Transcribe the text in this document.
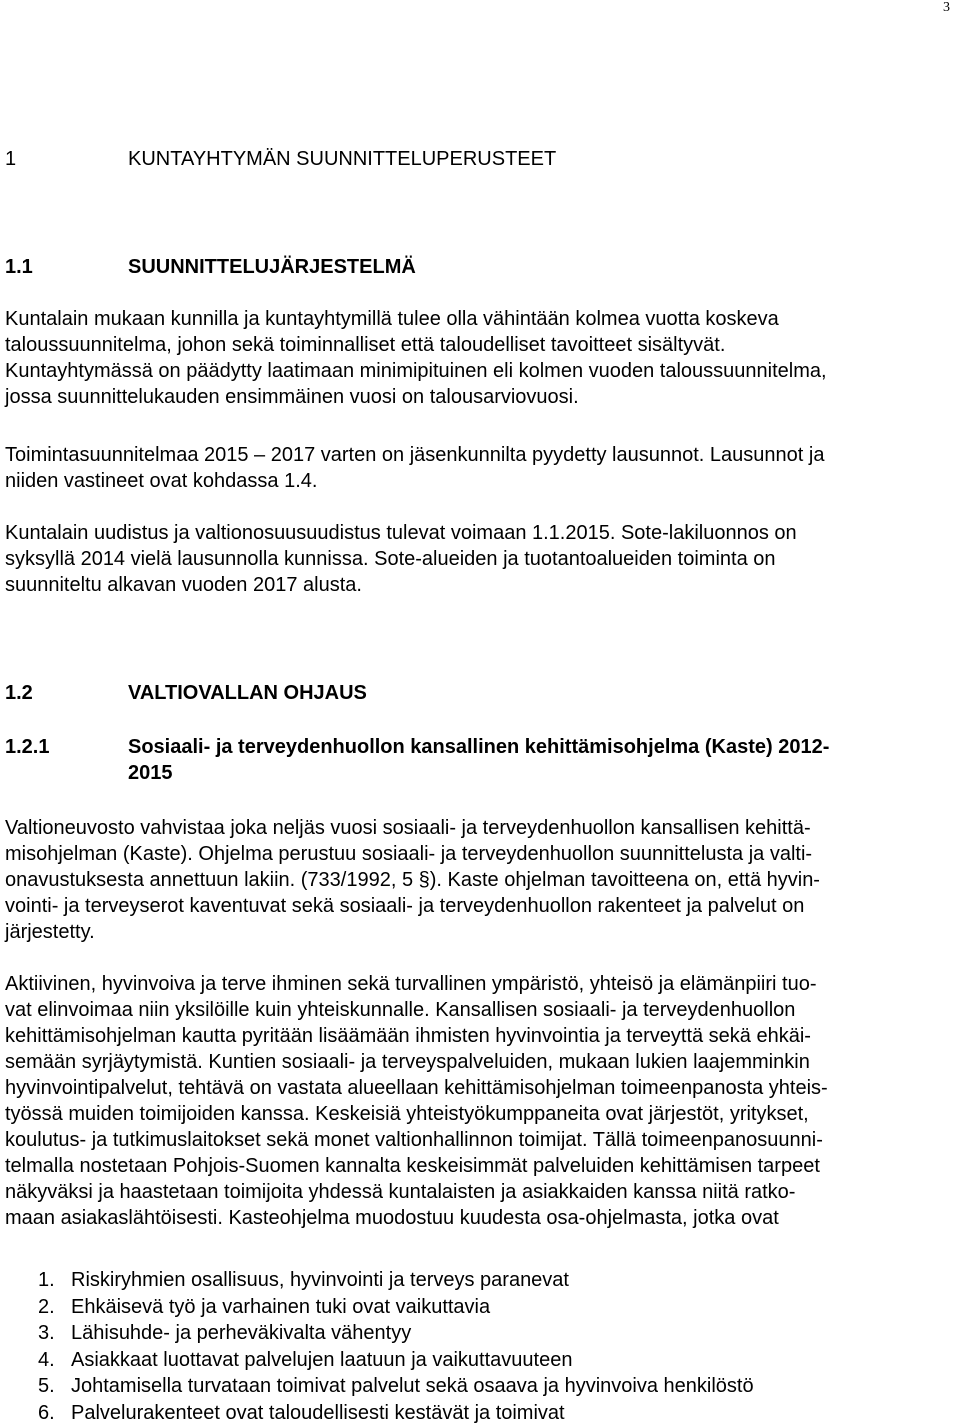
3
1	KUNTAYHTYMÄN SUUNNITTELUPERUSTEET
1.1	SUUNNITTELUJÄRJESTELMÄ
Kuntalain mukaan kunnilla ja kuntayhtymillä tulee olla vähintään kolmea vuotta koskeva
taloussuunnitelma, johon sekä toiminnalliset että taloudelliset tavoitteet sisältyvät.
Kuntayhtymässä on päädytty laatimaan minimipituinen eli kolmen vuoden taloussuunnitelma,
jossa suunnittelukauden ensimmäinen vuosi on talousarviovuosi.
Toimintasuunnitelmaa 2015 – 2017 varten on jäsenkunnilta pyydetty lausunnot. Lausunnot ja
niiden vastineet ovat kohdassa 1.4.
Kuntalain uudistus ja valtionosuusuudistus tulevat voimaan 1.1.2015. Sote-lakiluonnos on
syksyllä 2014 vielä lausunnolla kunnissa. Sote-alueiden ja tuotantoalueiden toiminta on
suunniteltu alkavan vuoden 2017 alusta.
1.2	VALTIOVALLAN OHJAUS
1.2.1	Sosiaali- ja terveydenhuollon kansallinen kehittämisohjelma (Kaste) 2012-
2015
Valtioneuvosto vahvistaa joka neljäs vuosi sosiaali- ja terveydenhuollon kansallisen kehittä-
misohjelman (Kaste). Ohjelma perustuu sosiaali- ja terveydenhuollon suunnittelusta ja valti-
onavustuksesta annettuun lakiin. (733/1992, 5 §). Kaste ohjelman tavoitteena on, että hyvin-
vointi- ja terveyserot kaventuvat sekä sosiaali- ja terveydenhuollon rakenteet ja palvelut on
järjestetty.
Aktiivinen, hyvinvoiva ja terve ihminen sekä turvallinen ympäristö, yhteisö ja elämänpiiri tuo-
vat elinvoimaa niin yksilöille kuin yhteiskunnalle. Kansallisen sosiaali- ja terveydenhuollon
kehittämisohjelman kautta pyritään lisäämään ihmisten hyvinvointia ja terveyttä sekä ehkäi-
semään syrjäytymistä. Kuntien sosiaali- ja terveyspalveluiden, mukaan lukien laajemminkin
hyvinvointipalvelut, tehtävä on vastata alueellaan kehittämisohjelman toimeenpanosta yhteis-
työssä muiden toimijoiden kanssa. Keskeisiä yhteistyökumppaneita ovat järjestöt, yritykset,
koulutus- ja tutkimuslaitokset sekä monet valtionhallinnon toimijat. Tällä toimeenpanosuunni-
telmalla nostetaan Pohjois-Suomen kannalta keskeisimmät palveluiden kehittämisen tarpeet
näkyväksi ja haastetaan toimijoita yhdessä kuntalaisten ja asiakkaiden kanssa niitä ratko-
maan asiakaslähtöisesti. Kasteohjelma muodostuu kuudesta osa-ohjelmasta, jotka ovat
1. Riskiryhmien osallisuus, hyvinvointi ja terveys paranevat
2. Ehkäisevä työ ja varhainen tuki ovat vaikuttavia
3. Lähisuhde- ja perheväkivalta vähentyy
4. Asiakkaat luottavat palvelujen laatuun ja vaikuttavuuteen
5. Johtamisella turvataan toimivat palvelut sekä osaava ja hyvinvoiva henkilöstö
6. Palvelurakenteet ovat taloudellisesti kestävät ja toimivat
